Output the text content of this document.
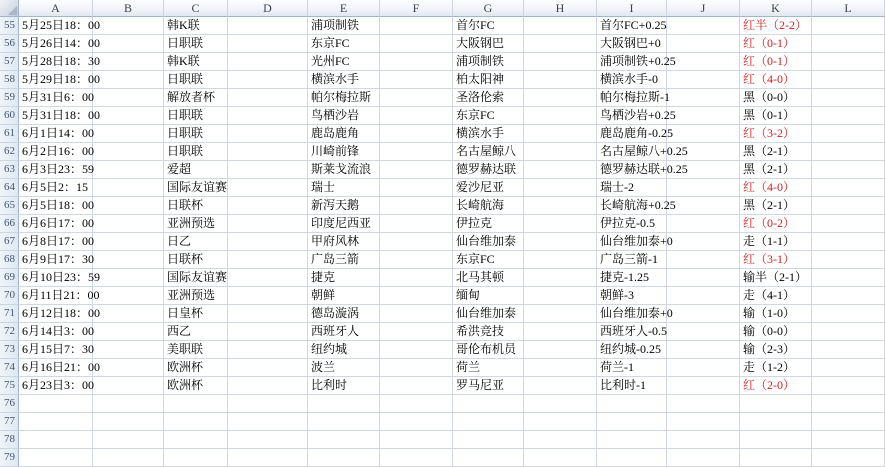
A	B	C	D	E	F	G	H	I	J	K	L
55 5月25日18：00	韩K联	浦项制铁	首尔FC	首尔FC+0.25	红半（2-2）
56 5月26日14：00	日职联	东京FC	大阪钢巴	大阪钢巴+0	红（0-1）
57 5月28日18：30	韩K联	光州FC	浦项制铁	浦项制铁+0.25	红（0-1）
58 5月29日18：00	日职联	横滨水手	柏太阳神	横滨水手-0	红（4-0）
59 5月31日6：00	解放者杯	帕尔梅拉斯	圣洛伦索	帕尔梅拉斯-1	黑（0-0）
60 5月31日18：00	日职联	鸟栖沙岩	东京FC	鸟栖沙岩+0.25	黑（0-1）
61 6月1日14：00	日职联	鹿岛鹿角	横滨水手	鹿岛鹿角-0.25	红（3-2）
62 6月2日16：00	日职联	川崎前锋	名古屋鲸八	名古屋鲸八+0.25	黑（2-1）
63 6月3日23：59	爱超	斯莱戈流浪	德罗赫达联	德罗赫达联+0.25	黑（2-1）
64 6月5日2：15	国际友谊赛	瑞士	爱沙尼亚	瑞士-2	红（4-0）
65 6月5日18：00	日联杯	新泻天鹅	长崎航海	长崎航海+0.25	黑（2-1）
66 6月6日17：00	亚洲预选	印度尼西亚	伊拉克	伊拉克-0.5	红（0-2）
67 6月8日17：00	日乙	甲府风林	仙台维加泰	仙台维加泰+0	走（1-1）
68 6月9日17：30	日联杯	广岛三箭	东京FC	广岛三箭-1	红（3-1）
69 6月10日23：59	国际友谊赛	捷克	北马其顿	捷克-1.25	输半（2-1）
70 6月11日21：00	亚洲预选	朝鲜	缅甸	朝鲜-3	走（4-1）
71 6月12日18：00	日皇杯	德岛漩涡	仙台维加泰	仙台维加泰+0	输（1-0）
72 6月14日3：00	西乙	西班牙人	希洪竞技	西班牙人-0.5	输（0-0）
73 6月15日7：30	美职联	纽约城	哥伦布机员	纽约城-0.25	输（2-3）
74 6月16日21：00	欧洲杯	波兰	荷兰	荷兰-1	走（1-2）
75 6月23日3：00	欧洲杯	比利时	罗马尼亚	比利时-1	红（2-0）
76
77
78
79
